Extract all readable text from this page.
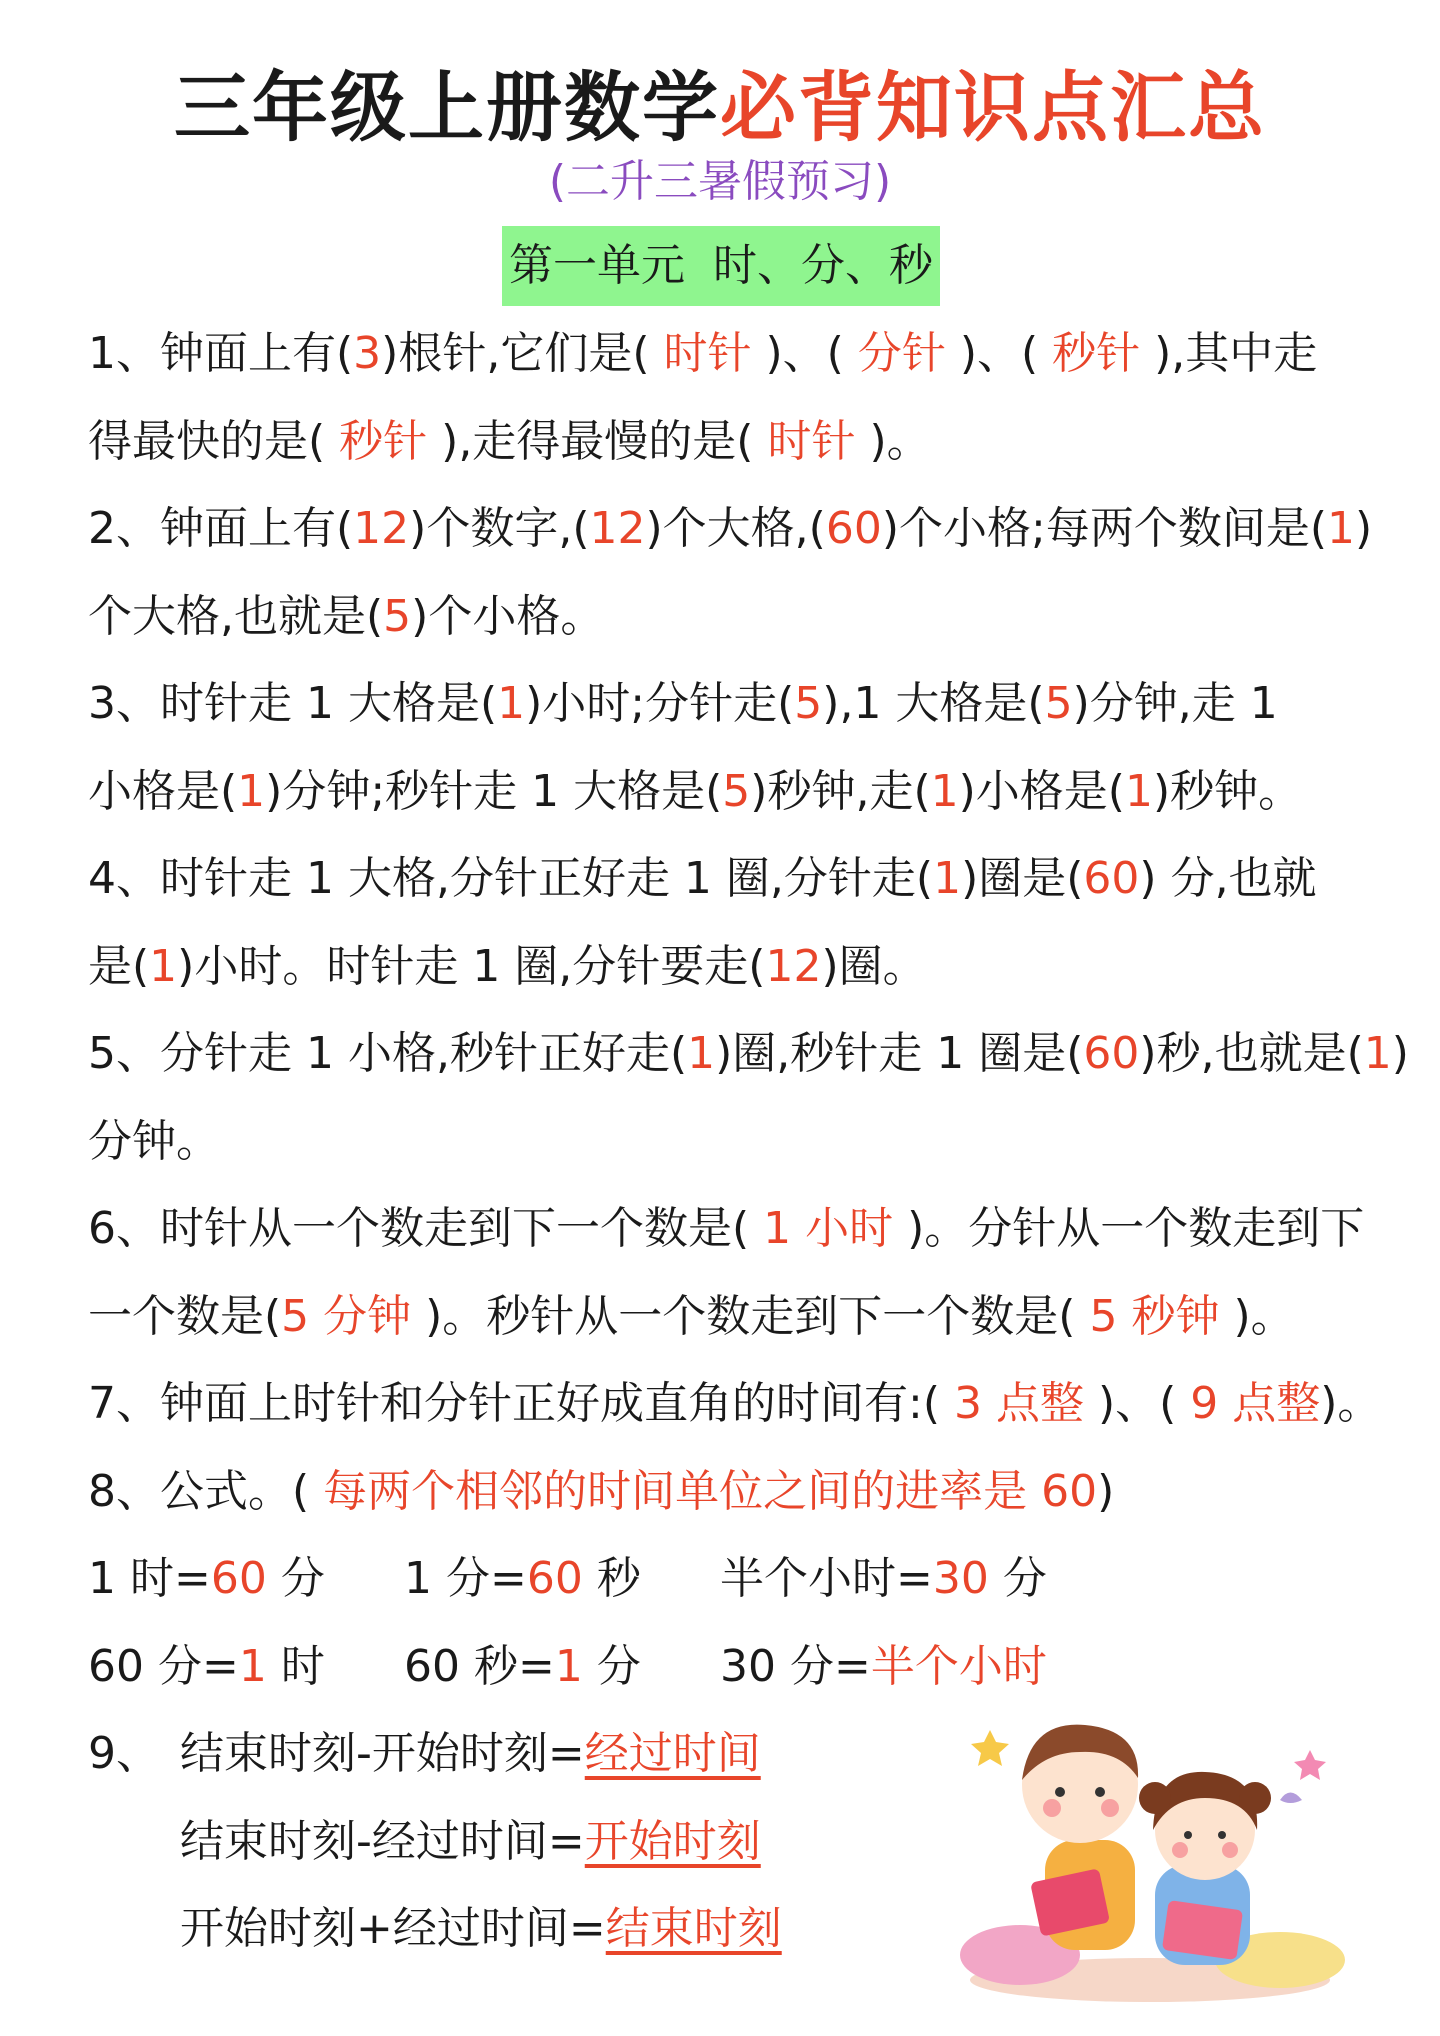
三年级上册数学必背知识点汇总
(二升三暑假预习)
第一单元  时、分、秒

1、钟面上有(3)根针,它们是( 时针 )、( 分针 )、( 秒针 ),其中走

得最快的是( 秒针 ),走得最慢的是( 时针 )。

2、钟面上有(12)个数字,(12)个大格,(60)个小格;每两个数间是(1)

个大格,也就是(5)个小格。

3、时针走 1 大格是(1)小时;分针走(5),1 大格是(5)分钟,走 1

小格是(1)分钟;秒针走 1 大格是(5)秒钟,走(1)小格是(1)秒钟。

4、时针走 1 大格,分针正好走 1 圈,分针走(1)圈是(60) 分,也就

是(1)小时。时针走 1 圈,分针要走(12)圈。

5、分针走 1 小格,秒针正好走(1)圈,秒针走 1 圈是(60)秒,也就是(1)

分钟。

6、时针从一个数走到下一个数是( 1 小时 )。分针从一个数走到下

一个数是(5 分钟 )。秒针从一个数走到下一个数是( 5 秒钟 )。

7、钟面上时针和分针正好成直角的时间有:( 3 点整 )、( 9 点整)。

8、公式。( 每两个相邻的时间单位之间的进率是 60)

1 时=60 分 1 分=60 秒 半个小时=30 分

60 分=1 时 60 秒=1 分 30 分=半个小时

9、 结束时刻-开始时刻=经过时间

结束时刻-经过时间=开始时刻

开始时刻+经过时间=结束时刻
